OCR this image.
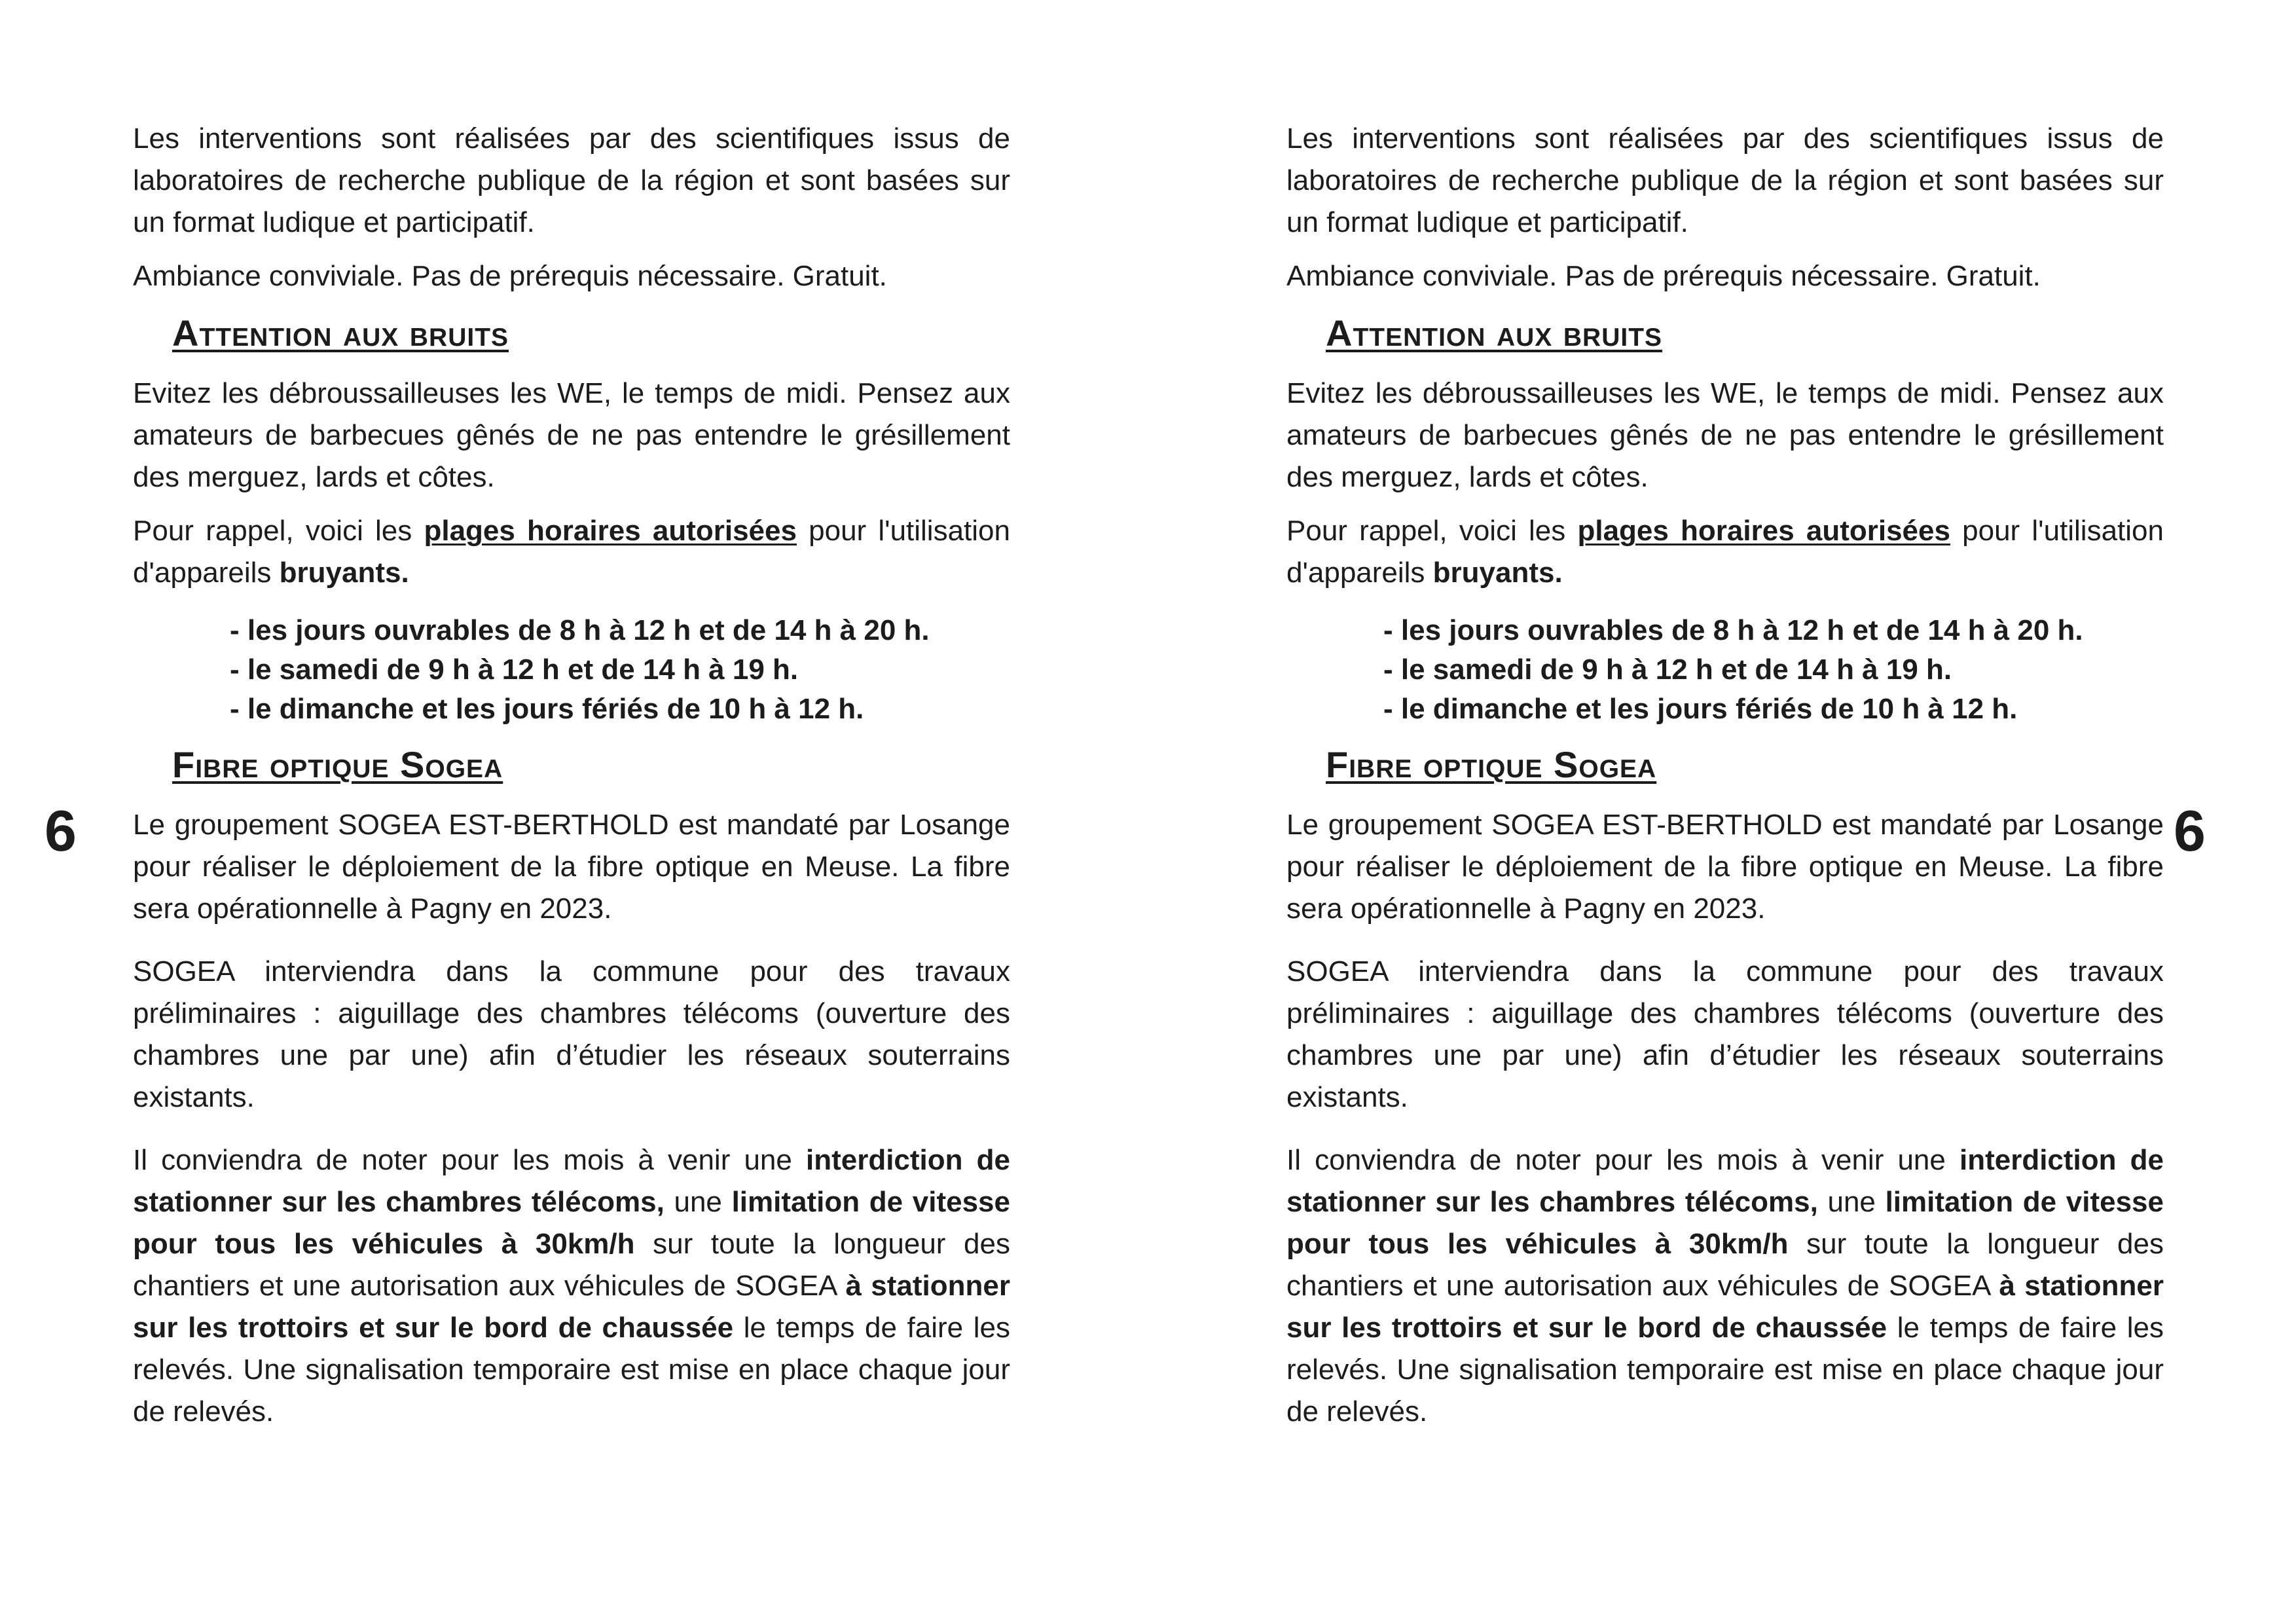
Les interventions sont réalisées par des scientifiques issus de laboratoires de recherche publique de la région et sont basées sur un format ludique et participatif.

Ambiance conviviale. Pas de prérequis nécessaire. Gratuit.

Attention aux bruits

Evitez les débroussailleuses les WE, le temps de midi. Pensez aux amateurs de barbecues gênés de ne pas entendre le grésillement des merguez, lards et côtes.

Pour rappel, voici les plages horaires autorisées pour l'utilisation d'appareils bruyants.

- les jours ouvrables de 8 h à 12 h et de 14 h à 20 h.
- le samedi de 9 h à 12 h et de 14 h à 19 h.
- le dimanche et les jours fériés de 10 h à 12 h.
Fibre optique Sogea

Le groupement SOGEA EST-BERTHOLD est mandaté par Losange pour réaliser le déploiement de la fibre optique en Meuse. La fibre sera opérationnelle à Pagny en 2023.

SOGEA interviendra dans la commune pour des travaux préliminaires : aiguillage des chambres télécoms (ouverture des chambres une par une) afin d’étudier les réseaux souterrains existants.

Il conviendra de noter pour les mois à venir une interdiction de stationner sur les chambres télécoms, une limitation de vitesse pour tous les véhicules à 30km/h sur toute la longueur des chantiers et une autorisation aux véhicules de SOGEA à stationner sur les trottoirs et sur le bord de chaussée le temps de faire les relevés. Une signalisation temporaire est mise en place chaque jour de relevés.

6

Les interventions sont réalisées par des scientifiques issus de laboratoires de recherche publique de la région et sont basées sur un format ludique et participatif.

Ambiance conviviale. Pas de prérequis nécessaire. Gratuit.

Attention aux bruits

Evitez les débroussailleuses les WE, le temps de midi. Pensez aux amateurs de barbecues gênés de ne pas entendre le grésillement des merguez, lards et côtes.

Pour rappel, voici les plages horaires autorisées pour l'utilisation d'appareils bruyants.

- les jours ouvrables de 8 h à 12 h et de 14 h à 20 h.
- le samedi de 9 h à 12 h et de 14 h à 19 h.
- le dimanche et les jours fériés de 10 h à 12 h.
Fibre optique Sogea

Le groupement SOGEA EST-BERTHOLD est mandaté par Losange pour réaliser le déploiement de la fibre optique en Meuse. La fibre sera opérationnelle à Pagny en 2023.

SOGEA interviendra dans la commune pour des travaux préliminaires : aiguillage des chambres télécoms (ouverture des chambres une par une) afin d’étudier les réseaux souterrains existants.

Il conviendra de noter pour les mois à venir une interdiction de stationner sur les chambres télécoms, une limitation de vitesse pour tous les véhicules à 30km/h sur toute la longueur des chantiers et une autorisation aux véhicules de SOGEA à stationner sur les trottoirs et sur le bord de chaussée le temps de faire les relevés. Une signalisation temporaire est mise en place chaque jour de relevés.

6
